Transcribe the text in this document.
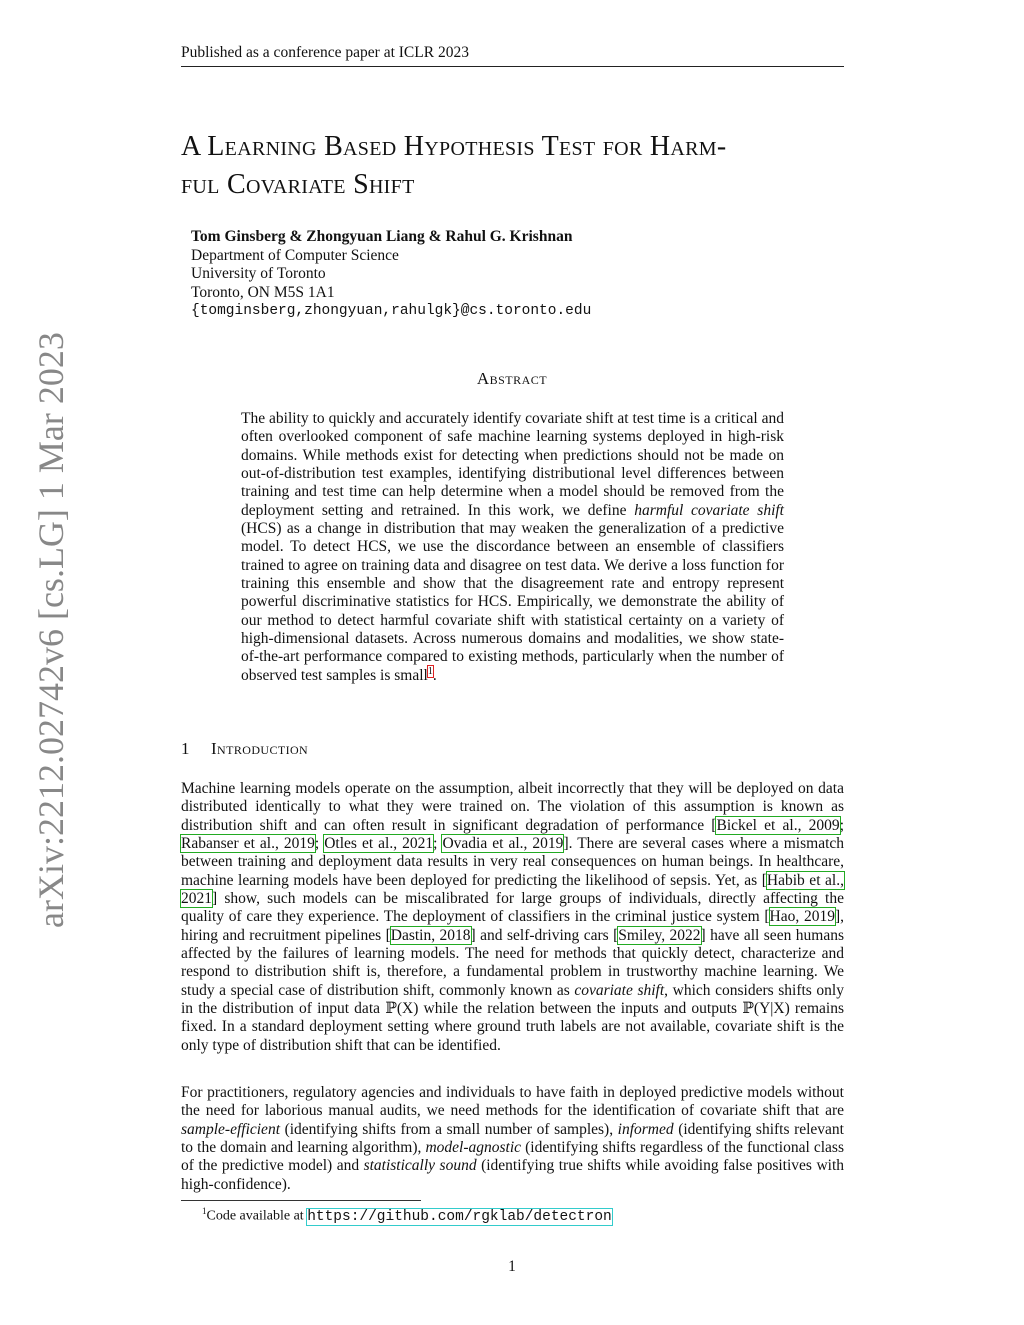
Published as a conference paper at ICLR 2023
A Learning Based Hypothesis Test for Harm-
ful Covariate Shift
Tom Ginsberg & Zhongyuan Liang & Rahul G. Krishnan
Department of Computer Science
University of Toronto
Toronto, ON M5S 1A1
{tomginsberg,zhongyuan,rahulgk}@cs.toronto.edu
arXiv:2212.02742v6 [cs.LG] 1 Mar 2023	Abstract
The ability to quickly and accurately identify covariate shift at test time is a critical and often overlooked component of safe machine learning systems deployed in high-risk domains. While methods exist for detecting when predictions should not be made on out-of-distribution test examples, identifying distributional level differences between training and test time can help determine when a model should be removed from the deployment setting and retrained. In this work, we define harmful covariate shift (HCS) as a change in distribution that may weaken the generalization of a predictive model. To detect HCS, we use the discordance between an ensemble of classifiers trained to agree on training data and disagree on test data. We derive a loss function for training this ensemble and show that the disagreement rate and entropy represent powerful discriminative statistics for HCS. Empirically, we demonstrate the ability of our method to detect harmful covariate shift with statistical certainty on a variety of high-dimensional datasets. Across numerous domains and modalities, we show state-of-the-art performance compared to existing methods, particularly when the number of observed test samples is small$^1$.
1 Introduction
Machine learning models operate on the assumption, albeit incorrectly that they will be deployed on data distributed identically to what they were trained on. The violation of this assumption is known as distribution shift and can often result in significant degradation of performance [Bickel et al., 2009; Rabanser et al., 2019; Otles et al., 2021; Ovadia et al., 2019]. There are several cases where a mismatch between training and deployment data results in very real consequences on human beings. In healthcare, machine learning models have been deployed for predicting the likelihood of sepsis. Yet, as [Habib et al., 2021] show, such models can be miscalibrated for large groups of individuals, directly affecting the quality of care they experience. The deployment of classifiers in the criminal justice system [Hao, 2019], hiring and recruitment pipelines [Dastin, 2018] and self-driving cars [Smiley, 2022] have all seen humans affected by the failures of learning models. The need for methods that quickly detect, characterize and respond to distribution shift is, therefore, a fundamental problem in trustworthy machine learning. We study a special case of distribution shift, commonly known as covariate shift, which considers shifts only in the distribution of input data ℙ(X) while the relation between the inputs and outputs ℙ(Y|X) remains fixed. In a standard deployment setting where ground truth labels are not available, covariate shift is the only type of distribution shift that can be identified.
For practitioners, regulatory agencies and individuals to have faith in deployed predictive models without the need for laborious manual audits, we need methods for the identification of covariate shift that are sample-efficient (identifying shifts from a small number of samples), informed (identifying shifts relevant to the domain and learning algorithm), model-agnostic (identifying shifts regardless of the functional class of the predictive model) and statistically sound (identifying true shifts while avoiding false positives with high-confidence).
$^1$Code available at https://github.com/rgklab/detectron
1
